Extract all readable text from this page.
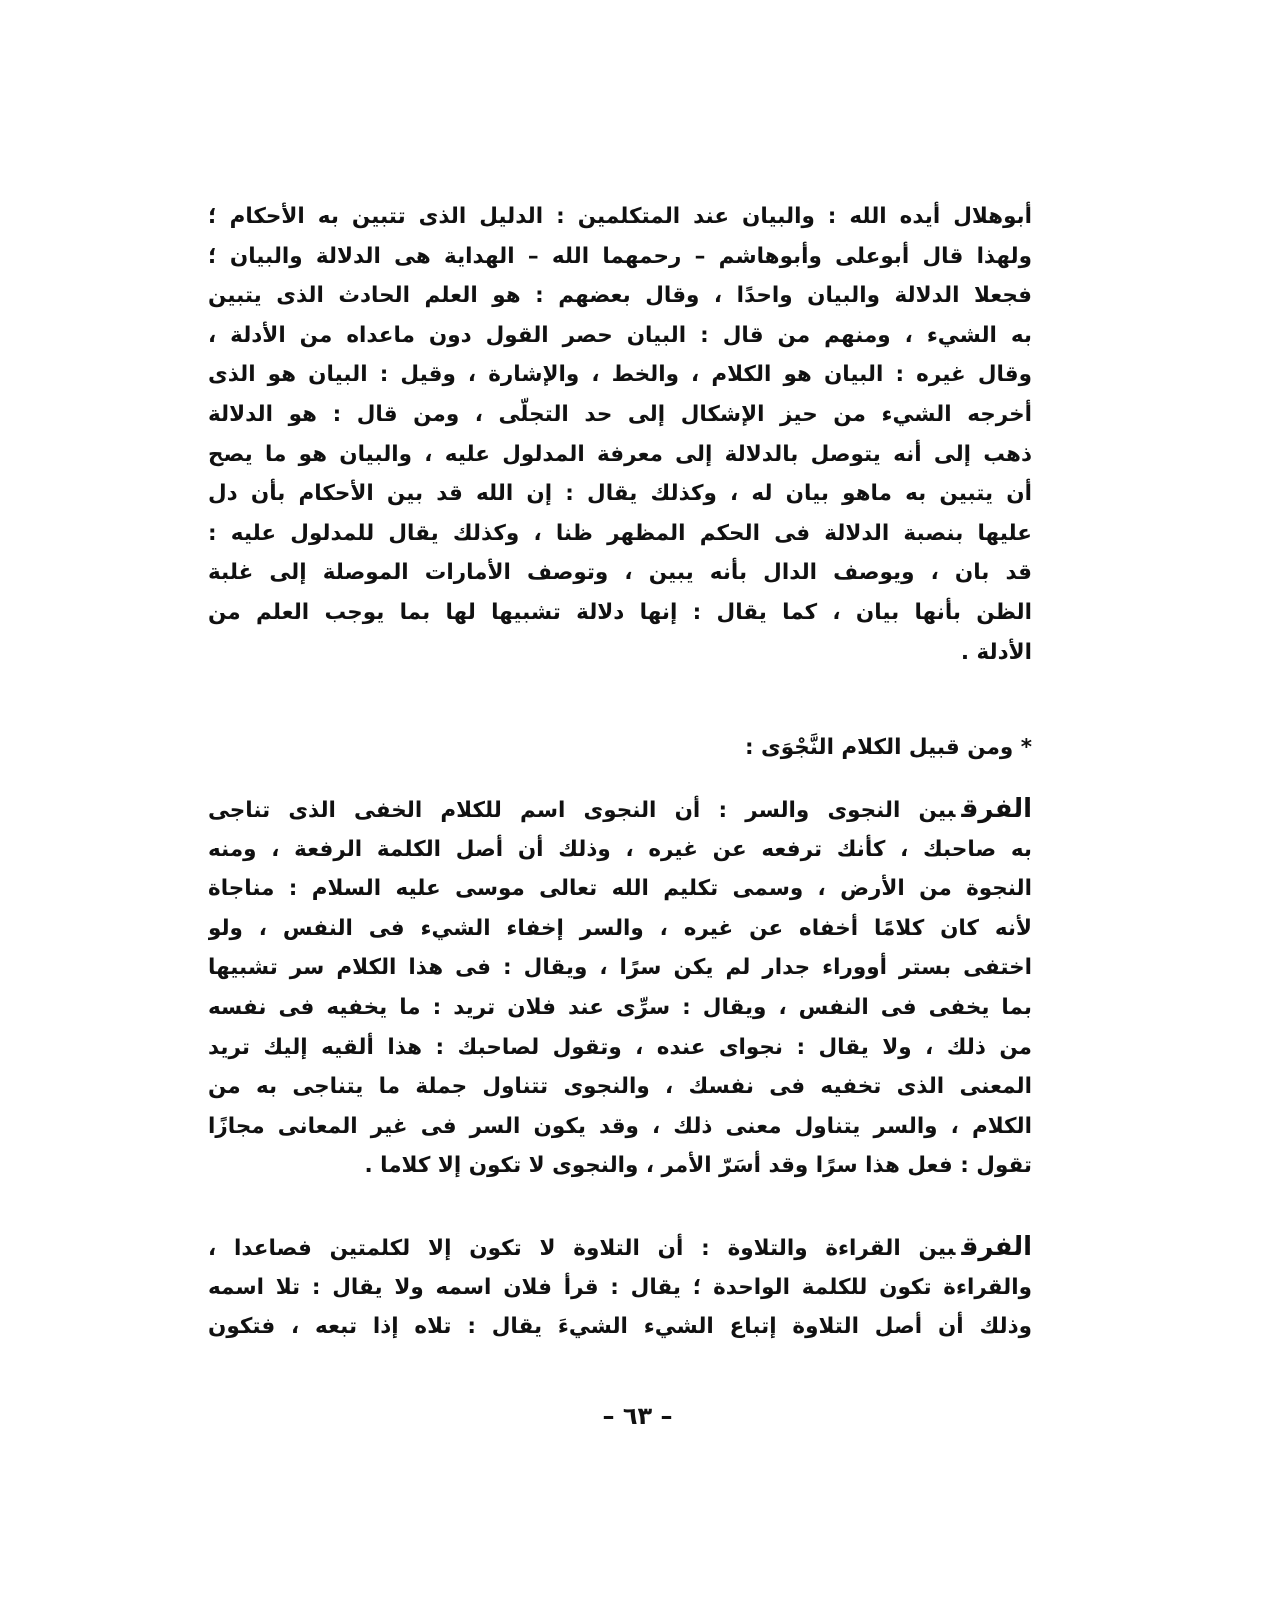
أبوهلال أيده الله : والبيان عند المتكلمين : الدليل الذى تتبين به الأحكام ؛
ولهذا قال أبوعلى وأبوهاشم – رحمهما الله – الهداية هى الدلالة والبيان ؛
فجعلا الدلالة والبيان واحدًا ، وقال بعضهم : هو العلم الحادث الذى يتبين
به الشيء ، ومنهم من قال : البيان حصر القول دون ماعداه من الأدلة ،
وقال غيره : البيان هو الكلام ، والخط ، والإشارة ، وقيل : البيان هو الذى
أخرجه الشيء من حيز الإشكال إلى حد التجلّى ، ومن قال : هو الدلالة
ذهب إلى أنه يتوصل بالدلالة إلى معرفة المدلول عليه ، والبيان هو ما يصح
أن يتبين به ماهو بيان له ، وكذلك يقال : إن الله قد بين الأحكام بأن دل
عليها بنصبة الدلالة فى الحكم المظهر ظنا ، وكذلك يقال للمدلول عليه :
قد بان ، ويوصف الدال بأنه يبين ، وتوصف الأمارات الموصلة إلى غلبة
الظن بأنها بيان ، كما يقال : إنها دلالة تشبيها لها بما يوجب العلم من
الأدلة .
* ومن قبيل الكلام النَّجْوَى :
الفرقبين النجوى والسر : أن النجوى اسم للكلام الخفى الذى تناجى
به صاحبك ، كأنك ترفعه عن غيره ، وذلك أن أصل الكلمة الرفعة ، ومنه
النجوة من الأرض ، وسمى تكليم الله تعالى موسى عليه السلام : مناجاة
لأنه كان كلامًا أخفاه عن غيره ، والسر إخفاء الشيء فى النفس ، ولو
اختفى بستر أووراء جدار لم يكن سرًا ، ويقال : فى هذا الكلام سر تشبيها
بما يخفى فى النفس ، ويقال : سرِّى عند فلان تريد : ما يخفيه فى نفسه
من ذلك ، ولا يقال : نجواى عنده ، وتقول لصاحبك : هذا ألقيه إليك تريد
المعنى الذى تخفيه فى نفسك ، والنجوى تتناول جملة ما يتناجى به من
الكلام ، والسر يتناول معنى ذلك ، وقد يكون السر فى غير المعانى مجازًا
تقول : فعل هذا سرًا وقد أسَرّ الأمر ، والنجوى لا تكون إلا كلاما .
الفرقبين القراءة والتلاوة : أن التلاوة لا تكون إلا لكلمتين فصاعدا ،
والقراءة تكون للكلمة الواحدة ؛ يقال : قرأ فلان اسمه ولا يقال : تلا اسمه
وذلك أن أصل التلاوة إتباع الشيء الشيءَ يقال : تلاه إذا تبعه ، فتكون
– ٦٣ –
